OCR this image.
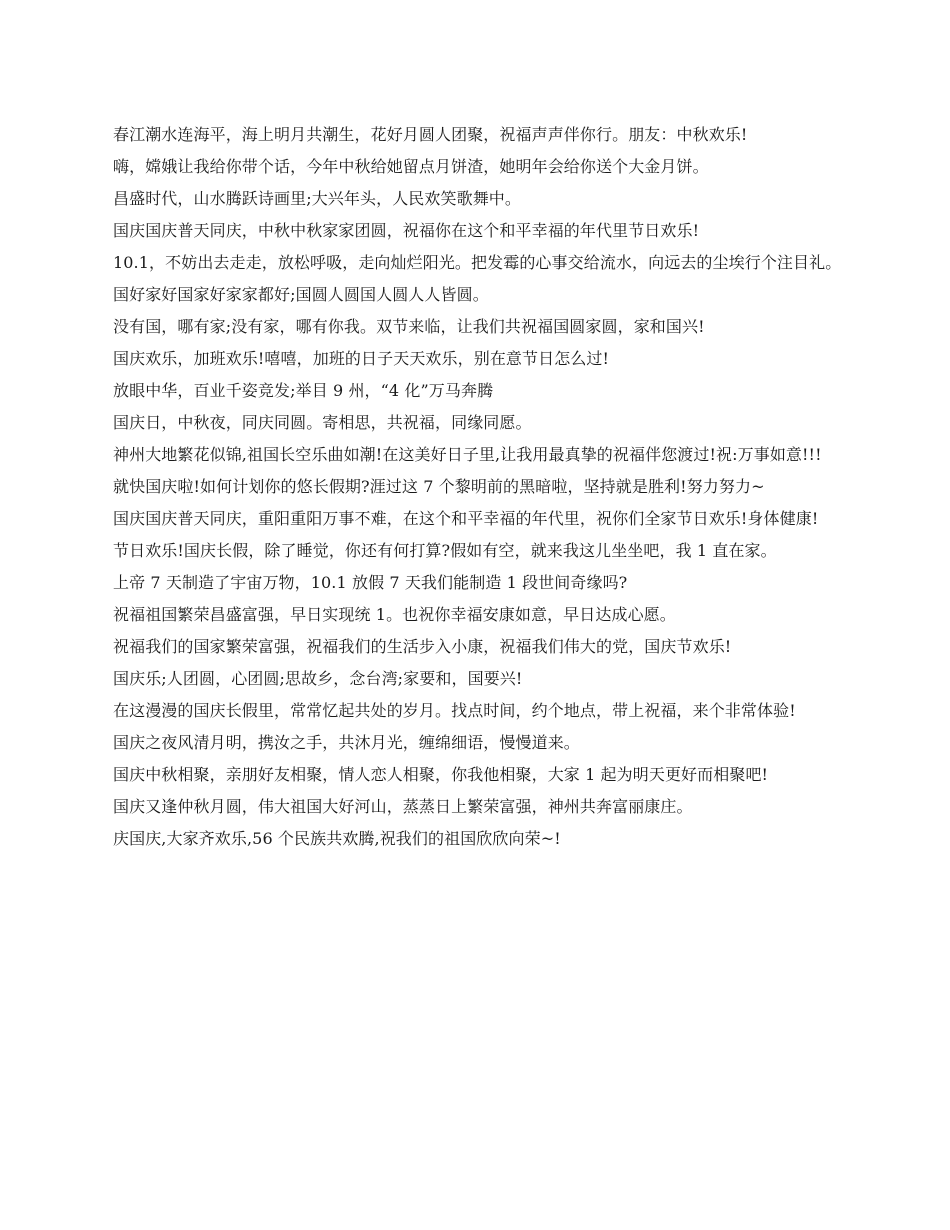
春江潮水连海平，海上明月共潮生，花好月圆人团聚，祝福声声伴你行。朋友：中秋欢乐!

嗨，嫦娥让我给你带个话，今年中秋给她留点月饼渣，她明年会给你送个大金月饼。

昌盛时代，山水腾跃诗画里;大兴年头，人民欢笑歌舞中。

国庆国庆普天同庆，中秋中秋家家团圆，祝福你在这个和平幸福的年代里节日欢乐!

10.1，不妨出去走走，放松呼吸，走向灿烂阳光。把发霉的心事交给流水，向远去的尘埃行个注目礼。

国好家好国家好家家都好;国圆人圆国人圆人人皆圆。

没有国，哪有家;没有家，哪有你我。双节来临，让我们共祝福国圆家圆，家和国兴!

国庆欢乐，加班欢乐!嘻嘻，加班的日子天天欢乐，别在意节日怎么过!

放眼中华，百业千姿竞发;举目 9 州，“4 化”万马奔腾

国庆日，中秋夜，同庆同圆。寄相思，共祝福，同缘同愿。

神州大地繁花似锦,祖国长空乐曲如潮!在这美好日子里,让我用最真挚的祝福伴您渡过!祝:万事如意!!!

就快国庆啦!如何计划你的悠长假期?涯过这 7 个黎明前的黑暗啦，坚持就是胜利!努力努力~

国庆国庆普天同庆，重阳重阳万事不难，在这个和平幸福的年代里，祝你们全家节日欢乐!身体健康!

节日欢乐!国庆长假，除了睡觉，你还有何打算?假如有空，就来我这儿坐坐吧，我 1 直在家。

上帝 7 天制造了宇宙万物，10.1 放假 7 天我们能制造 1 段世间奇缘吗?

祝福祖国繁荣昌盛富强，早日实现统 1。也祝你幸福安康如意，早日达成心愿。

祝福我们的国家繁荣富强，祝福我们的生活步入小康，祝福我们伟大的党，国庆节欢乐!

国庆乐;人团圆，心团圆;思故乡，念台湾;家要和，国要兴!

在这漫漫的国庆长假里，常常忆起共处的岁月。找点时间，约个地点，带上祝福，来个非常体验!

国庆之夜风清月明，携汝之手，共沐月光，缠绵细语，慢慢道来。

国庆中秋相聚，亲朋好友相聚，情人恋人相聚，你我他相聚，大家 1 起为明天更好而相聚吧!

国庆又逢仲秋月圆，伟大祖国大好河山，蒸蒸日上繁荣富强，神州共奔富丽康庄。

庆国庆,大家齐欢乐,56 个民族共欢腾,祝我们的祖国欣欣向荣~!
